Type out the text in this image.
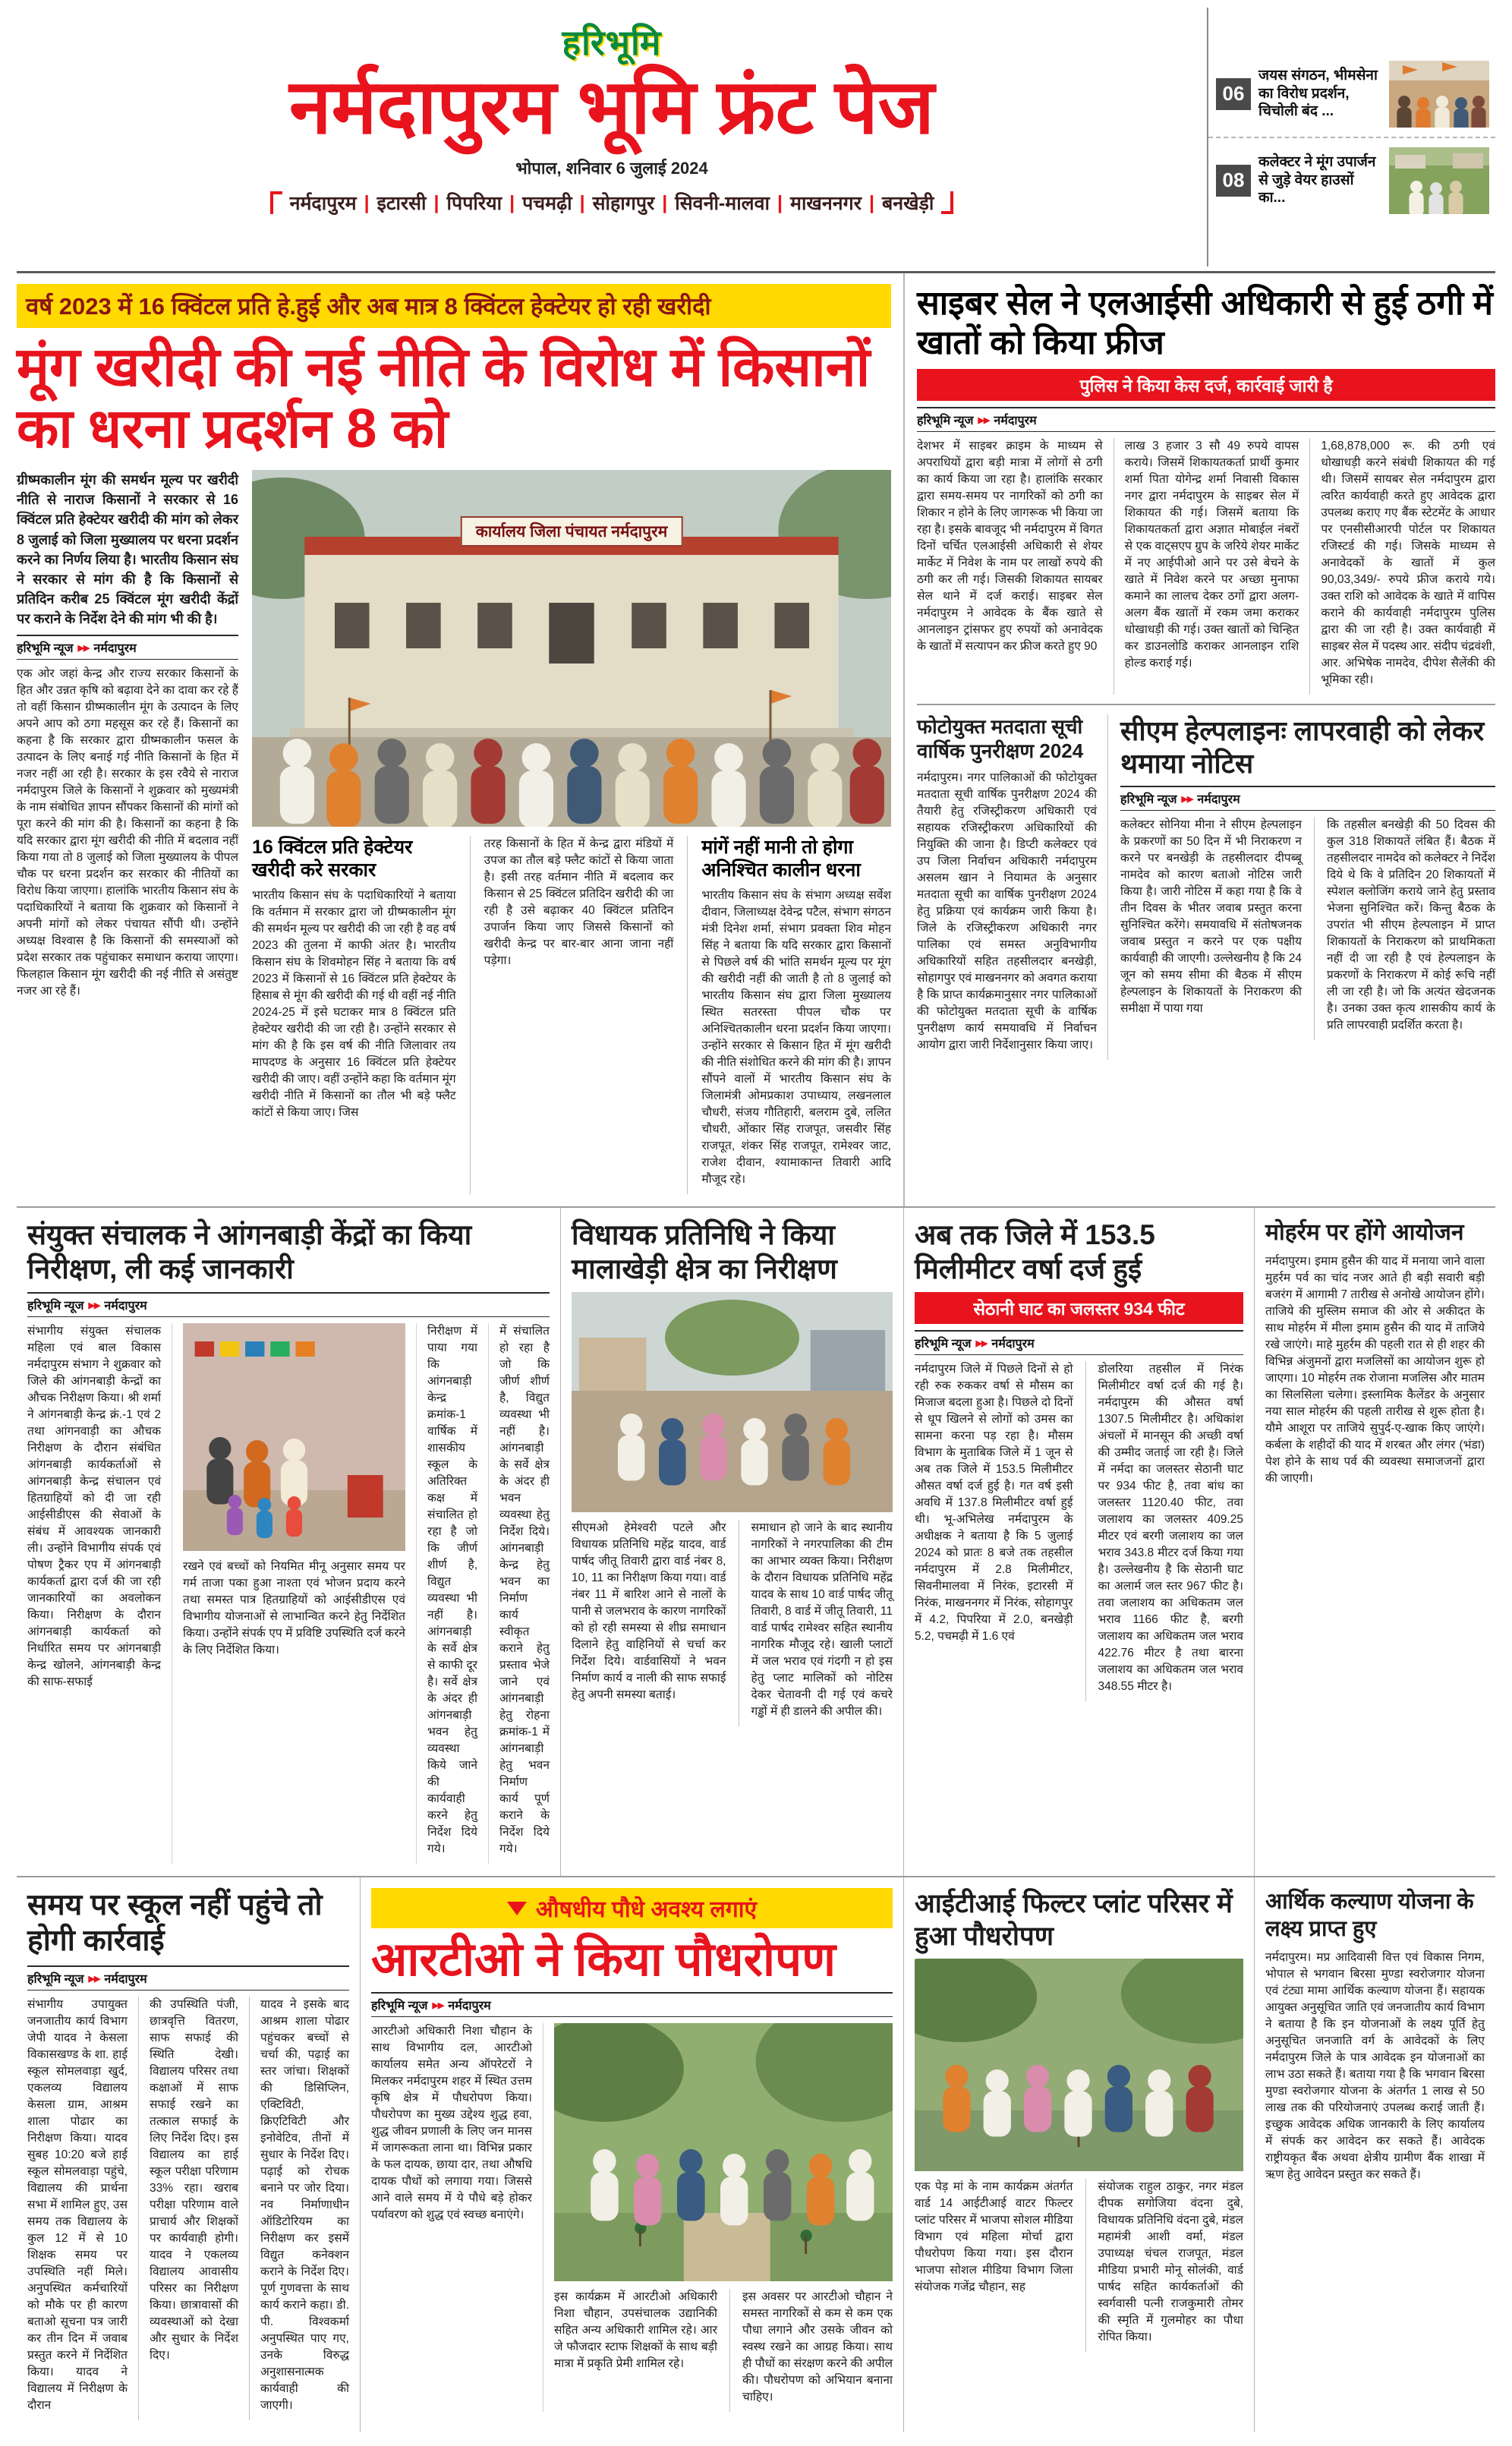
हरिभूमि
नर्मदापुरम भूमि फ्रंट पेज
भोपाल, शनिवार 6 जुलाई 2024
नर्मदापुरम | इटारसी | पिपरिया | पचमढ़ी | सोहागपुर | सिवनी-मालवा | माखननगर | बनखेड़ी
06
जयस संगठन, भीमसेना का विरोध प्रदर्शन, चिचोली बंद ...
08
कलेक्टर ने मूंग उपार्जन से जुड़े वेयर हाउसों का...
वर्ष 2023 में 16 क्विंटल प्रति हे.हुई और अब मात्र 8 क्विंटल हेक्टेयर हो रही खरीदी
मूंग खरीदी की नई नीति के विरोध में किसानों का धरना प्रदर्शन 8 को

ग्रीष्मकालीन मूंग की समर्थन मूल्य पर खरीदी नीति से नाराज किसानों ने सरकार से 16 क्विंटल प्रति हेक्टेयर खरीदी की मांग को लेकर 8 जुलाई को जिला मुख्यालय पर धरना प्रदर्शन करने का निर्णय लिया है। भारतीय किसान संघ ने सरकार से मांग की है कि किसानों से प्रतिदिन करीब 25 क्विंटल मूंग खरीदी केंद्रों पर कराने के निर्देश देने की मांग भी की है।

हरिभूमि न्यूज ▶▶ नर्मदापुरम

एक ओर जहां केन्द्र और राज्य सरकार किसानों के हित और उन्नत कृषि को बढ़ावा देने का दावा कर रहे हैं तो वहीं किसान ग्रीष्मकालीन मूंग के उत्पादन के लिए अपने आप को ठगा महसूस कर रहे हैं। किसानों का कहना है कि सरकार द्वारा ग्रीष्मकालीन फसल के उत्पादन के लिए बनाई गई नीति किसानों के हित में नजर नहीं आ रही है। सरकार के इस रवैये से नाराज नर्मदापुरम जिले के किसानों ने शुक्रवार को मुख्यमंत्री के नाम संबोधित ज्ञापन सौंपकर किसानों की मांगों को पूरा करने की मांग की है। किसानों का कहना है कि यदि सरकार द्वारा मूंग खरीदी की नीति में बदलाव नहीं किया गया तो 8 जुलाई को जिला मुख्यालय के पीपल चौक पर धरना प्रदर्शन कर सरकार की नीतियों का विरोध किया जाएगा। हालांकि भारतीय किसान संघ के पदाधिकारियों ने बताया कि शुक्रवार को किसानों ने अपनी मांगों को लेकर पंचायत सौंपी थी। उन्होंने अध्यक्ष विश्वास है कि किसानों की समस्याओं को प्रदेश सरकार तक पहुंचाकर समाधान कराया जाएगा। फिलहाल किसान मूंग खरीदी की नई नीति से असंतुष्ट नजर आ रहे हैं।

कार्यालय जिला पंचायत नर्मदापुरम
16 क्विंटल प्रति हेक्टेयर खरीदी करे सरकार

भारतीय किसान संघ के पदाधिकारियों ने बताया कि वर्तमान में सरकार द्वारा जो ग्रीष्मकालीन मूंग की समर्थन मूल्य पर खरीदी की जा रही है वह वर्ष 2023 की तुलना में काफी अंतर है। भारतीय किसान संघ के शिवमोहन सिंह ने बताया कि वर्ष 2023 में किसानों से 16 क्विंटल प्रति हेक्टेयर के हिसाब से मूंग की खरीदी की गई थी वहीं नई नीति 2024-25 में इसे घटाकर मात्र 8 क्विंटल प्रति हेक्टेयर खरीदी की जा रही है। उन्होंने सरकार से मांग की है कि इस वर्ष की नीति जिलावार तय मापदण्ड के अनुसार 16 क्विंटल प्रति हेक्टेयर खरीदी की जाए। वहीं उन्होंने कहा कि वर्तमान मूंग खरीदी नीति में किसानों का तौल भी बड़े फ्लैट कांटों से किया जाए। जिस

तरह किसानों के हित में केन्द्र द्वारा मंडियों में उपज का तौल बड़े फ्लैट कांटों से किया जाता है। इसी तरह वर्तमान नीति में बदलाव कर किसान से 25 क्विंटल प्रतिदिन खरीदी की जा रही है उसे बढ़ाकर 40 क्विंटल प्रतिदिन उपार्जन किया जाए जिससे किसानों को खरीदी केन्द्र पर बार-बार आना जाना नहीं पड़ेगा।

मांगें नहीं मानी तो होगा अनिश्चित कालीन धरना

भारतीय किसान संघ के संभाग अध्यक्ष सर्वेश दीवान, जिलाध्यक्ष देवेन्द्र पटैल, संभाग संगठन मंत्री दिनेश शर्मा, संभाग प्रवक्ता शिव मोहन सिंह ने बताया कि यदि सरकार द्वारा किसानों से पिछले वर्ष की भांति समर्थन मूल्य पर मूंग की खरीदी नहीं की जाती है तो 8 जुलाई को भारतीय किसान संघ द्वारा जिला मुख्यालय स्थित सतरस्ता पीपल चौक पर अनिश्चितकालीन धरना प्रदर्शन किया जाएगा। उन्होंने सरकार से किसान हित में मूंग खरीदी की नीति संशोधित करने की मांग की है। ज्ञापन सौंपने वालों में भारतीय किसान संघ के जिलामंत्री ओमप्रकाश उपाध्याय, लखनलाल चौधरी, संजय गौतिहारी, बलराम दुबे, ललित चौधरी, ओंकार सिंह राजपूत, जसवीर सिंह राजपूत, शंकर सिंह राजपूत, रामेश्वर जाट, राजेश दीवान, श्यामाकान्त तिवारी आदि मौजूद रहे।

साइबर सेल ने एलआईसी अधिकारी से हुई ठगी में खातों को किया फ्रीज
पुलिस ने किया केस दर्ज, कार्रवाई जारी है
हरिभूमि न्यूज ▶▶ नर्मदापुरम

देशभर में साइबर क्राइम के माध्यम से अपराधियों द्वारा बड़ी मात्रा में लोगों से ठगी का कार्य किया जा रहा है। हालांकि सरकार द्वारा समय-समय पर नागरिकों को ठगी का शिकार न होने के लिए जागरूक भी किया जा रहा है। इसके बावजूद भी नर्मदापुरम में विगत दिनों चर्चित एलआईसी अधिकारी से शेयर मार्केट में निवेश के नाम पर लाखों रुपये की ठगी कर ली गई। जिसकी शिकायत सायबर सेल थाने में दर्ज कराई। साइबर सेल नर्मदापुरम ने आवेदक के बैंक खाते से आनलाइन ट्रांसफर हुए रुपयों को अनावेदक के खातों में सत्यापन कर फ्रीज करते हुए 90

लाख 3 हजार 3 सौ 49 रुपये वापस कराये। जिसमें शिकायतकर्ता प्रार्थी कुमार शर्मा पिता योगेन्द्र शर्मा निवासी विकास नगर द्वारा नर्मदापुरम के साइबर सेल में शिकायत की गई। जिसमें बताया कि शिकायतकर्ता द्वारा अज्ञात मोबाईल नंबरों से एक वाट्सएप ग्रुप के जरिये शेयर मार्केट में नए आईपीओ आने पर उसे बेचने के खाते में निवेश करने पर अच्छा मुनाफा कमाने का लालच देकर ठगों द्वारा अलग-अलग बैंक खातों में रकम जमा कराकर धोखाधड़ी की गई। उक्त खातों को चिन्हित कर डाउनलोडि कराकर आनलाइन राशि होल्ड कराई गई।

1,68,878,000 रू. की ठगी एवं धोखाधड़ी करने संबंधी शिकायत की गई थी। जिसमें सायबर सेल नर्मदापुरम द्वारा त्वरित कार्यवाही करते हुए आवेदक द्वारा उपलब्ध कराए गए बैंक स्टेटमेंट के आधार पर एनसीसीआरपी पोर्टल पर शिकायत रजिस्टर्ड की गई। जिसके माध्यम से अनावेदकों के खातों में कुल 90,03,349/- रुपये फ्रीज कराये गये। उक्त राशि को आवेदक के खाते में वापिस कराने की कार्यवाही नर्मदापुरम पुलिस द्वारा की जा रही है। उक्त कार्यवाही में साइबर सेल में पदस्थ आर. संदीप चंद्रवंशी, आर. अभिषेक नामदेव, दीपेश सैलेंकी की भूमिका रही।

फोटोयुक्त मतदाता सूची वार्षिक पुनरीक्षण 2024

नर्मदापुरम। नगर पालिकाओं की फोटोयुक्त मतदाता सूची वार्षिक पुनरीक्षण 2024 की तैयारी हेतु रजिस्ट्रीकरण अधिकारी एवं सहायक रजिस्ट्रीकरण अधिकारियों की नियुक्ति की जाना है। डिप्टी कलेक्टर एवं उप जिला निर्वाचन अधिकारी नर्मदापुरम असलम खान ने नियामत के अनुसार मतदाता सूची का वार्षिक पुनरीक्षण 2024 हेतु प्रक्रिया एवं कार्यक्रम जारी किया है। जिले के रजिस्ट्रीकरण अधिकारी नगर पालिका एवं समस्त अनुविभागीय अधिकारियों सहित तहसीलदार बनखेड़ी, सोहागपुर एवं माखननगर को अवगत कराया है कि प्राप्त कार्यक्रमानुसार नगर पालिकाओं की फोटोयुक्त मतदाता सूची के वार्षिक पुनरीक्षण कार्य समयावधि में निर्वाचन आयोग द्वारा जारी निर्देशानुसार किया जाए।

सीएम हेल्पलाइनः लापरवाही को लेकर थमाया नोटिस
हरिभूमि न्यूज ▶▶ नर्मदापुरम

कलेक्टर सोनिया मीना ने सीएम हेल्पलाइन के प्रकरणों का 50 दिन में भी निराकरण न करने पर बनखेड़ी के तहसीलदार दीपब्बू नामदेव को कारण बताओ नोटिस जारी किया है। जारी नोटिस में कहा गया है कि वे तीन दिवस के भीतर जवाब प्रस्तुत करना सुनिश्चित करेंगे। समयावधि में संतोषजनक जवाब प्रस्तुत न करने पर एक पक्षीय कार्यवाही की जाएगी। उल्लेखनीय है कि 24 जून को समय सीमा की बैठक में सीएम हेल्पलाइन के शिकायतों के निराकरण की समीक्षा में पाया गया

कि तहसील बनखेड़ी की 50 दिवस की कुल 318 शिकायतें लंबित हैं। बैठक में तहसीलदार नामदेव को कलेक्टर ने निर्देश दिये थे कि वे प्रतिदिन 20 शिकायतों में स्पेशल क्लोजिंग कराये जाने हेतु प्रस्ताव भेजना सुनिश्चित करें। किन्तु बैठक के उपरांत भी सीएम हेल्पलाइन में प्राप्त शिकायतों के निराकरण को प्राथमिकता नहीं दी जा रही है एवं हेल्पलाइन के प्रकरणों के निराकरण में कोई रूचि नहीं ली जा रही है। जो कि अत्यंत खेदजनक है। उनका उक्त कृत्य शासकीय कार्य के प्रति लापरवाही प्रदर्शित करता है।

संयुक्त संचालक ने आंगनबाड़ी केंद्रों का किया निरीक्षण, ली कई जानकारी
हरिभूमि न्यूज ▶▶ नर्मदापुरम

संभागीय संयुक्त संचालक महिला एवं बाल विकास नर्मदापुरम संभाग ने शुक्रवार को जिले की आंगनबाड़ी केन्द्रों का औचक निरीक्षण किया। श्री शर्मा ने आंगनबाड़ी केन्द्र क्रं.-1 एवं 2 तथा आंगनवाड़ी का औचक निरीक्षण के दौरान संबंधित आंगनबाड़ी कार्यकर्ताओं से आंगनबाड़ी केन्द्र संचालन एवं हितग्राहियों को दी जा रही आईसीडीएस की सेवाओं के संबंध में आवश्यक जानकारी ली। उन्होंने विभागीय संपर्क एवं पोषण ट्रैकर एप में आंगनबाड़ी कार्यकर्ता द्वारा दर्ज की जा रही जानकारियों का अवलोकन किया। निरीक्षण के दौरान आंगनबाड़ी कार्यकर्ता को निर्धारित समय पर आंगनबाड़ी केन्द्र खोलने, आंगनबाड़ी केन्द्र की साफ-सफाई

रखने एवं बच्चों को नियमित मीनू अनुसार समय पर गर्म ताजा पका हुआ नाश्ता एवं भोजन प्रदाय करने तथा समस्त पात्र हितग्राहियों को आईसीडीएस एवं विभागीय योजनाओं से लाभान्वित करने हेतु निर्देशित किया। उन्होंने संपर्क एप में प्रविष्टि उपस्थिति दर्ज करने के लिए निर्देशित किया।

निरीक्षण में पाया गया कि आंगनबाड़ी केन्द्र क्रमांक-1 वार्षिक में शासकीय स्कूल के अतिरिक्त कक्ष में संचालित हो रहा है जो कि जीर्ण शीर्ण है, विद्युत व्यवस्था भी नहीं है। आंगनबाड़ी के सर्वे क्षेत्र से काफी दूर है। सर्वे क्षेत्र के अंदर ही आंगनबाड़ी भवन हेतु व्यवस्था किये जाने की कार्यवाही करने हेतु निर्देश दिये गये।

में संचालित हो रहा है जो कि जीर्ण शीर्ण है, विद्युत व्यवस्था भी नहीं है। आंगनबाड़ी के सर्वे क्षेत्र के अंदर ही भवन व्यवस्था हेतु निर्देश दिये। आंगनबाड़ी केन्द्र हेतु भवन का निर्माण कार्य स्वीकृत कराने हेतु प्रस्ताव भेजे जाने एवं आंगनबाड़ी हेतु रोहना क्रमांक-1 में आंगनबाड़ी हेतु भवन निर्माण कार्य पूर्ण कराने के निर्देश दिये गये।

विधायक प्रतिनिधि ने किया मालाखेड़ी क्षेत्र का निरीक्षण

सीएमओ हेमेश्वरी पटले और विधायक प्रतिनिधि महेंद्र यादव, वार्ड पार्षद जीतू तिवारी द्वारा वार्ड नंबर 8, 10, 11 का निरीक्षण किया गया। वार्ड नंबर 11 में बारिश आने से नालों के पानी से जलभराव के कारण नागरिकों को हो रही समस्या से शीघ्र समाधान दिलाने हेतु वाहिनियों से चर्चा कर निर्देश दिये। वार्डवासियों ने भवन निर्माण कार्य व नाली की साफ सफाई हेतु अपनी समस्या बताई।

समाधान हो जाने के बाद स्थानीय नागरिकों ने नगरपालिका की टीम का आभार व्यक्त किया। निरीक्षण के दौरान विधायक प्रतिनिधि महेंद्र यादव के साथ 10 वार्ड पार्षद जीतू तिवारी, 8 वार्ड में जीतू तिवारी, 11 वार्ड पार्षद रामेश्वर सहित स्थानीय नागरिक मौजूद रहे। खाली प्लाटों में जल भराव एवं गंदगी न हो इस हेतु प्लाट मालिकों को नोटिस देकर चेतावनी दी गई एवं कचरे गड्ढों में ही डालने की अपील की।

अब तक जिले में 153.5 मिलीमीटर वर्षा दर्ज हुई
सेठानी घाट का जलस्तर 934 फीट
हरिभूमि न्यूज ▶▶ नर्मदापुरम

नर्मदापुरम जिले में पिछले दिनों से हो रही रुक रुककर वर्षा से मौसम का मिजाज बदला हुआ है। पिछले दो दिनों से धूप खिलने से लोगों को उमस का सामना करना पड़ रहा है। मौसम विभाग के मुताबिक जिले में 1 जून से अब तक जिले में 153.5 मिलीमीटर औसत वर्षा दर्ज हुई है। गत वर्ष इसी अवधि में 137.8 मिलीमीटर वर्षा हुई थी। भू-अभिलेख नर्मदापुरम के अधीक्षक ने बताया है कि 5 जुलाई 2024 को प्रातः 8 बजे तक तहसील नर्मदापुरम में 2.8 मिलीमीटर, सिवनीमालवा में निरंक, इटारसी में निरंक, माखननगर में निरंक, सोहागपुर में 4.2, पिपरिया में 2.0, बनखेड़ी 5.2, पचमढ़ी में 1.6 एवं

डोलरिया तहसील में निरंक मिलीमीटर वर्षा दर्ज की गई है। नर्मदापुरम की औसत वर्षा 1307.5 मिलीमीटर है। अधिकांश अंचलों में मानसून की अच्छी वर्षा की उम्मीद जताई जा रही है। जिले में नर्मदा का जलस्तर सेठानी घाट पर 934 फीट है, तवा बांध का जलस्तर 1120.40 फीट, तवा जलाशय का जलस्तर 409.25 मीटर एवं बरगी जलाशय का जल भराव 343.8 मीटर दर्ज किया गया है। उल्लेखनीय है कि सेठानी घाट का अलार्म जल स्तर 967 फीट है। तवा जलाशय का अधिकतम जल भराव 1166 फीट है, बरगी जलाशय का अधिकतम जल भराव 422.76 मीटर है तथा बारना जलाशय का अधिकतम जल भराव 348.55 मीटर है।

मोहर्रम पर होंगे आयोजन

नर्मदापुरम। इमाम हुसैन की याद में मनाया जाने वाला मुहर्रम पर्व का चांद नजर आते ही बड़ी सवारी बड़ी बजरंग में आगामी 7 तारीख से अनोखे आयोजन होंगे। ताजिये की मुस्लिम समाज की ओर से अकीदत के साथ मोहर्रम में मीला इमाम हुसैन की याद में ताजिये रखे जाएंगे। माहे मुहर्रम की पहली रात से ही शहर की विभिन्न अंजुमनों द्वारा मजलिसों का आयोजन शुरू हो जाएगा। 10 मोहर्रम तक रोजाना मजलिस और मातम का सिलसिला चलेगा। इस्लामिक कैलेंडर के अनुसार नया साल मोहर्रम की पहली तारीख से शुरू होता है। यौमे आशूरा पर ताजिये सुपुर्द-ए-खाक किए जाएंगे। कर्बला के शहीदों की याद में शरबत और लंगर (भंडा) पेश होने के साथ पर्व की व्यवस्था समाजजनों द्वारा की जाएगी।

समय पर स्कूल नहीं पहुंचे तो होगी कार्रवाई
हरिभूमि न्यूज ▶▶ नर्मदापुरम

संभागीय उपायुक्त जनजातीय कार्य विभाग जेपी यादव ने केसला विकासखण्ड के शा. हाई स्कूल सोमलवाड़ा खुर्द, एकलव्य विद्यालय केसला ग्राम, आश्रम शाला पोढार का निरीक्षण किया। यादव सुबह 10:20 बजे हाई स्कूल सोमलवाड़ा पहुंचे, विद्यालय की प्रार्थना सभा में शामिल हुए, उस समय तक विद्यालय के कुल 12 में से 10 शिक्षक समय पर उपस्थिति नहीं मिले। अनुपस्थित कर्मचारियों को मौके पर ही कारण बताओ सूचना पत्र जारी कर तीन दिन में जवाब प्रस्तुत करने में निर्देशित किया। यादव ने विद्यालय में निरीक्षण के दौरान

की उपस्थिति पंजी, छात्रवृत्ति वितरण, साफ सफाई की स्थिति देखी। विद्यालय परिसर तथा कक्षाओं में साफ सफाई रखने का तत्काल सफाई के लिए निर्देश दिए। इस विद्यालय का हाई स्कूल परीक्षा परिणाम 33% रहा। खराब परीक्षा परिणाम वाले प्राचार्य और शिक्षकों पर कार्यवाही होगी। यादव ने एकलव्य विद्यालय आवासीय परिसर का निरीक्षण किया। छात्रावासों की व्यवस्थाओं को देखा और सुधार के निर्देश दिए।

यादव ने इसके बाद आश्रम शाला पोढार पहुंचकर बच्चों से चर्चा की, पढ़ाई का स्तर जांचा। शिक्षकों की डिसिप्लिन, एक्टिविटी, क्रिएटिविटी और इनोवेटिव, तीनों में सुधार के निर्देश दिए। पढ़ाई को रोचक बनाने पर जोर दिया। नव निर्माणाधीन ऑडिटोरियम का निरीक्षण कर इसमें विद्युत कनेक्शन कराने के निर्देश दिए। पूर्ण गुणवत्ता के साथ कार्य कराने कहा। डी. पी. विश्वकर्मा अनुपस्थित पाए गए, उनके विरुद्ध अनुशासनात्मक कार्यवाही की जाएगी।

औषधीय पौधे अवश्य लगाएं
आरटीओ ने किया पौधरोपण
हरिभूमि न्यूज ▶▶ नर्मदापुरम

आरटीओ अधिकारी निशा चौहान के साथ विभागीय दल, आरटीओ कार्यालय समेत अन्य ऑपरेटरों ने मिलकर नर्मदापुरम शहर में स्थित उत्तम कृषि क्षेत्र में पौधरोपण किया। पौधरोपण का मुख्य उद्देश्य शुद्ध हवा, शुद्ध जीवन प्रणाली के लिए जन मानस में जागरूकता लाना था। विभिन्न प्रकार के फल दायक, छाया दार, तथा औषधि दायक पौधों को लगाया गया। जिससे आने वाले समय में ये पौधे बड़े होकर पर्यावरण को शुद्ध एवं स्वच्छ बनाएंगे।

इस कार्यक्रम में आरटीओ अधिकारी निशा चौहान, उपसंचालक उद्यानिकी सहित अन्य अधिकारी शामिल रहे। आर जे फौजदार स्टाफ शिक्षकों के साथ बड़ी मात्रा में प्रकृति प्रेमी शामिल रहे।

इस अवसर पर आरटीओ चौहान ने समस्त नागरिकों से कम से कम एक पौधा लगाने और उसके जीवन को स्वस्थ रखने का आग्रह किया। साथ ही पौधों का संरक्षण करने की अपील की। पौधरोपण को अभियान बनाना चाहिए।

आईटीआई फिल्टर प्लांट परिसर में हुआ पौधरोपण

एक पेड़ मां के नाम कार्यक्रम अंतर्गत वार्ड 14 आईटीआई वाटर फिल्टर प्लांट परिसर में भाजपा सोशल मीडिया विभाग एवं महिला मोर्चा द्वारा पौधरोपण किया गया। इस दौरान भाजपा सोशल मीडिया विभाग जिला संयोजक गजेंद्र चौहान, सह

संयोजक राहुल ठाकुर, नगर मंडल दीपक सगोजिया वंदना दुबे, विधायक प्रतिनिधि वंदना दुबे, मंडल महामंत्री आशी वर्मा, मंडल उपाध्यक्ष चंचल राजपूत, मंडल मीडिया प्रभारी मोनू सोलंकी, वार्ड पार्षद सहित कार्यकर्ताओं की स्वर्गवासी पत्नी राजकुमारी तोमर की स्मृति में गुलमोहर का पौधा रोपित किया।

आर्थिक कल्याण योजना के लक्ष्य प्राप्त हुए

नर्मदापुरम। मप्र आदिवासी वित्त एवं विकास निगम, भोपाल से भगवान बिरसा मुण्डा स्वरोजगार योजना एवं टंट्या मामा आर्थिक कल्याण योजना हैं। सहायक आयुक्त अनुसूचित जाति एवं जनजातीय कार्य विभाग ने बताया है कि इन योजनाओं के लक्ष्य पूर्ति हेतु अनुसूचित जनजाति वर्ग के आवेदकों के लिए नर्मदापुरम जिले के पात्र आवेदक इन योजनाओं का लाभ उठा सकते हैं। बताया गया है कि भगवान बिरसा मुण्डा स्वरोजगार योजना के अंतर्गत 1 लाख से 50 लाख तक की परियोजनाएं उपलब्ध कराई जाती हैं। इच्छुक आवेदक अधिक जानकारी के लिए कार्यालय में संपर्क कर आवेदन कर सकते हैं। आवेदक राष्ट्रीयकृत बैंक अथवा क्षेत्रीय ग्रामीण बैंक शाखा में ऋण हेतु आवेदन प्रस्तुत कर सकते हैं।
